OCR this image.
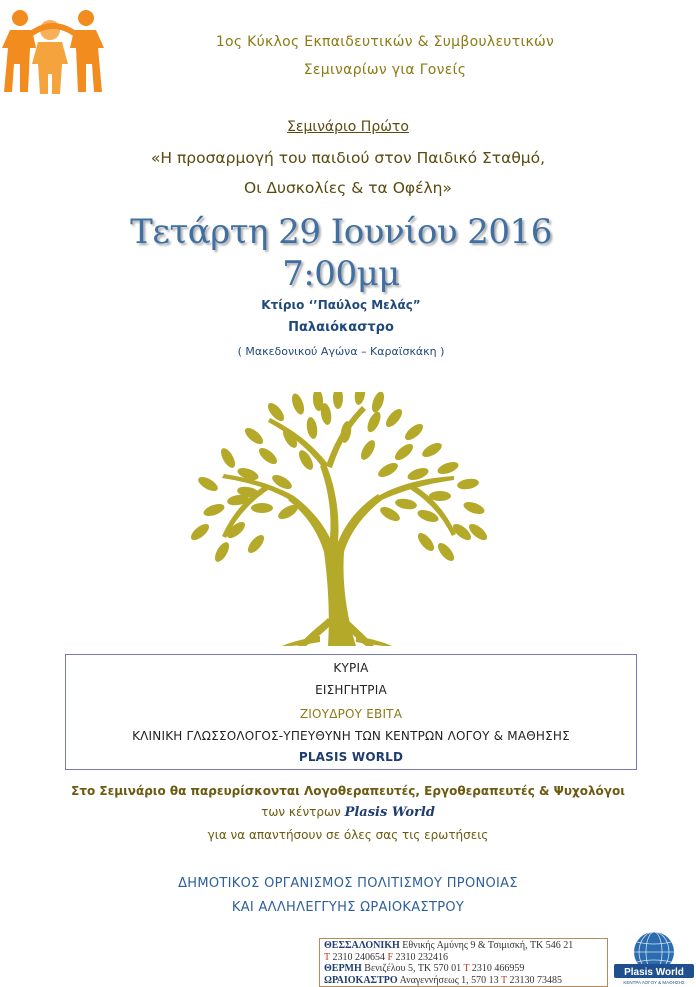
1ος Κύκλος Εκπαιδευτικών & Συμβουλευτικών
Σεμιναρίων για Γονείς
Σεμινάριο Πρώτο
«Η προσαρμογή του παιδιού στον Παιδικό Σταθμό,
Οι Δυσκολίες & τα Οφέλη»
Τετάρτη 29 Ιουνίου 2016
7:00μμ
Κτίριο ‘’Παύλος Μελάς”
Παλαιόκαστρο
( Μακεδονικού Αγώνα – Καραϊσκάκη )
ΚΥΡΙΑ
ΕΙΣΗΓΗΤΡΙΑ
ΖΙΟΥΔΡΟΥ ΕΒΙΤΑ
ΚΛΙΝΙΚΗ ΓΛΩΣΣΟΛΟΓΟΣ-ΥΠΕΥΘΥΝΗ ΤΩΝ ΚΕΝΤΡΩΝ ΛΟΓΟΥ & ΜΑΘΗΣΗΣ
PLASIS WORLD
Στο Σεμινάριο θα παρευρίσκονται Λογοθεραπευτές, Εργοθεραπευτές & Ψυχολόγοι
των κέντρων Plasis World
για να απαντήσουν σε όλες σας τις ερωτήσεις
ΔΗΜΟΤΙΚΟΣ ΟΡΓΑΝΙΣΜΟΣ ΠΟΛΙΤΙΣΜΟΥ ΠΡΟΝΟΙΑΣ
ΚΑΙ ΑΛΛΗΛΕΓΓΥΗΣ ΩΡΑΙΟΚΑΣΤΡΟΥ
ΘΕΣΣΑΛΟΝΙΚΗ Εθνικής Αμύνης 9 & Τσιμισκή, ΤΚ 546 21
Τ 2310 240654 F 2310 232416
ΘΕΡΜΗ Βενιζέλου 5, ΤΚ 570 01 Τ 2310 466959
ΩΡΑΙΟΚΑΣΤΡΟ Αναγεννήσεως 1, 570 13 Τ 23130 73485
Plasis World
ΚΕΝΤΡΑ ΛΟΓΟΥ & ΜΑΘΗΣΗΣ
